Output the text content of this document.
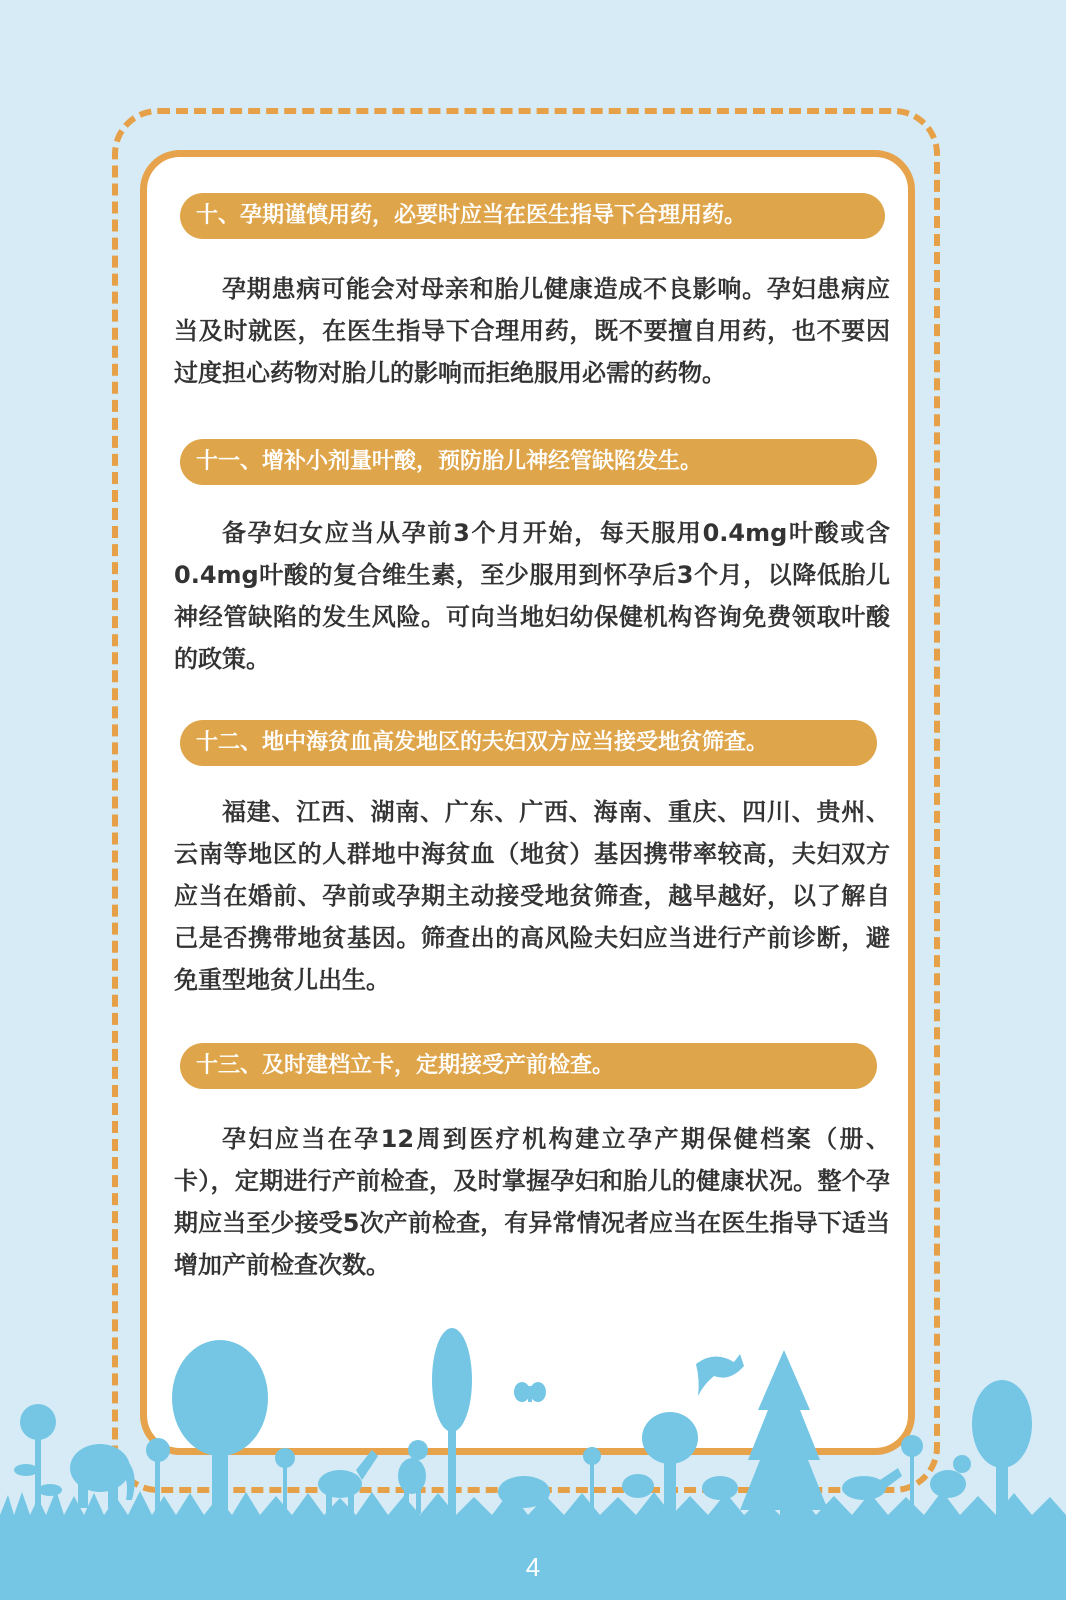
十、孕期谨慎用药，必要时应当在医生指导下合理用药。

孕期患病可能会对母亲和胎儿健康造成不良影响。孕妇患病应当及时就医，在医生指导下合理用药，既不要擅自用药，也不要因过度担心药物对胎儿的影响而拒绝服用必需的药物。

十一、增补小剂量叶酸，预防胎儿神经管缺陷发生。

备孕妇女应当从孕前3个月开始，每天服用0.4mg叶酸或含0.4mg叶酸的复合维生素，至少服用到怀孕后3个月，以降低胎儿神经管缺陷的发生风险。可向当地妇幼保健机构咨询免费领取叶酸的政策。

十二、地中海贫血高发地区的夫妇双方应当接受地贫筛查。

福建、江西、湖南、广东、广西、海南、重庆、四川、贵州、云南等地区的人群地中海贫血（地贫）基因携带率较高，夫妇双方应当在婚前、孕前或孕期主动接受地贫筛查，越早越好，以了解自己是否携带地贫基因。筛查出的高风险夫妇应当进行产前诊断，避免重型地贫儿出生。

十三、及时建档立卡，定期接受产前检查。

孕妇应当在孕12周到医疗机构建立孕产期保健档案（册、卡），定期进行产前检查，及时掌握孕妇和胎儿的健康状况。整个孕期应当至少接受5次产前检查，有异常情况者应当在医生指导下适当增加产前检查次数。

4
